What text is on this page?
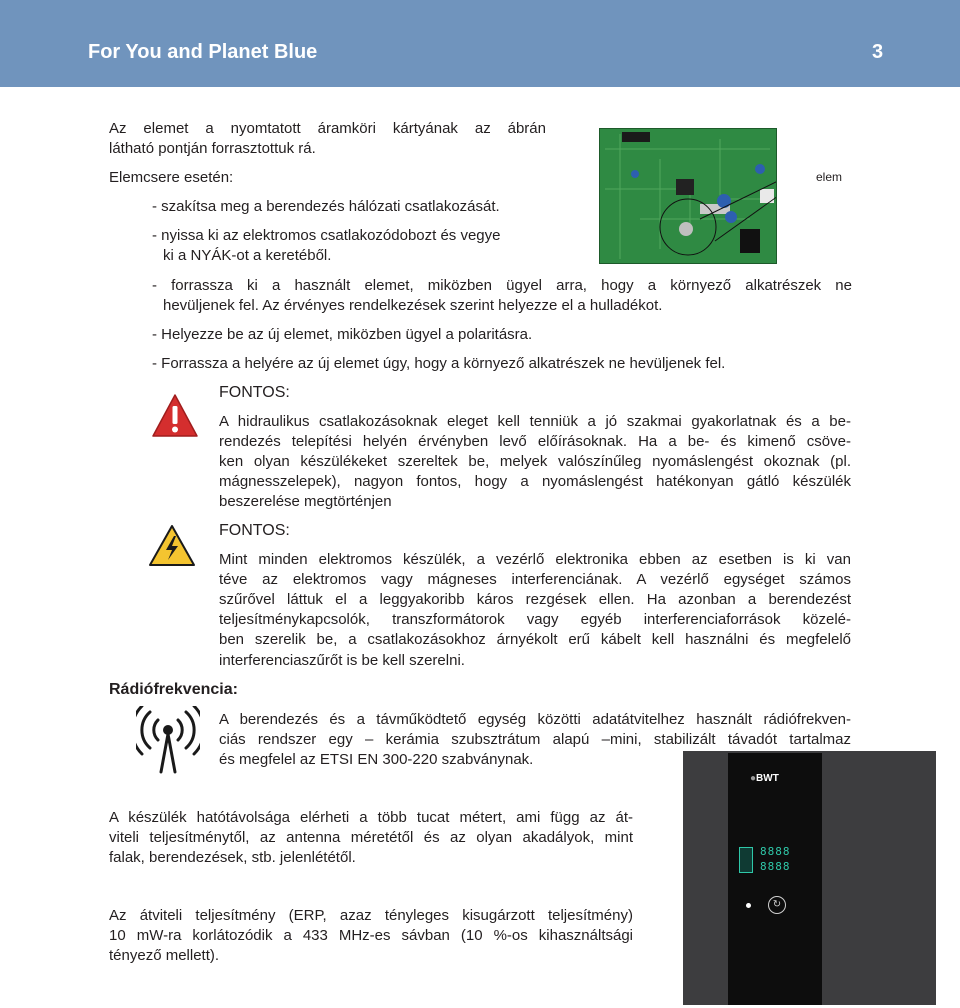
For You and Planet Blue	3
Az elemet a nyomtatott áramköri kártyának az ábrán
látható pontján forrasztottuk rá.
Elemcsere esetén:
- szakítsa meg a berendezés hálózati csatlakozását.
- nyissa ki az elektromos csatlakozódobozt és vegye
ki a NYÁK-ot a keretéből.
- forrassza ki a használt elemet, miközben ügyel arra, hogy a környező alkatrészek ne
hevüljenek fel. Az érvényes rendelkezések szerint helyezze el a hulladékot.
- Helyezze be az új elemet, miközben ügyel a polaritásra.
- Forrassza a helyére az új elemet úgy, hogy a környező alkatrészek ne hevüljenek fel.
elem
FONTOS:
A hidraulikus csatlakozásoknak eleget kell tenniük a jó szakmai gyakorlatnak és a be-
rendezés telepítési helyén érvényben levő előírásoknak. Ha a be- és kimenő csöve-
ken olyan készülékeket szereltek be, melyek valószínűleg nyomáslengést okoznak (pl.
mágnesszelepek), nagyon fontos, hogy a nyomáslengést hatékonyan gátló készülék
beszerelése megtörténjen
FONTOS:
Mint minden elektromos készülék, a vezérlő elektronika ebben az esetben is ki van
téve az elektromos vagy mágneses interferenciának. A vezérlő egységet számos
szűrővel láttuk el a leggyakoribb káros rezgések ellen. Ha azonban a berendezést
teljesítménykapcsolók, transzformátorok vagy egyéb interferenciaforrások közelé-
ben szerelik be, a csatlakozásokhoz árnyékolt erű kábelt kell használni és megfelelő
interferenciaszűrőt is be kell szerelni.
Rádiófrekvencia:
A berendezés és a távműködtető egység közötti adatátvitelhez használt rádiófrekven-
ciás rendszer egy – kerámia szubsztrátum alapú –mini, stabilizált távadót tartalmaz
és megfelel az ETSI EN 300-220 szabványnak.
A készülék hatótávolsága elérheti a több tucat métert, ami függ az át-
viteli teljesítménytől, az antenna méretétől és az olyan akadályok, mint
falak, berendezések, stb. jelenlététől.
Az átviteli teljesítmény (ERP, azaz tényleges kisugárzott teljesítmény)
10 mW-ra korlátozódik a 433 MHz-es sávban (10 %-os kihasználtsági
tényező mellett).
●BWT
8888
8888
↻
